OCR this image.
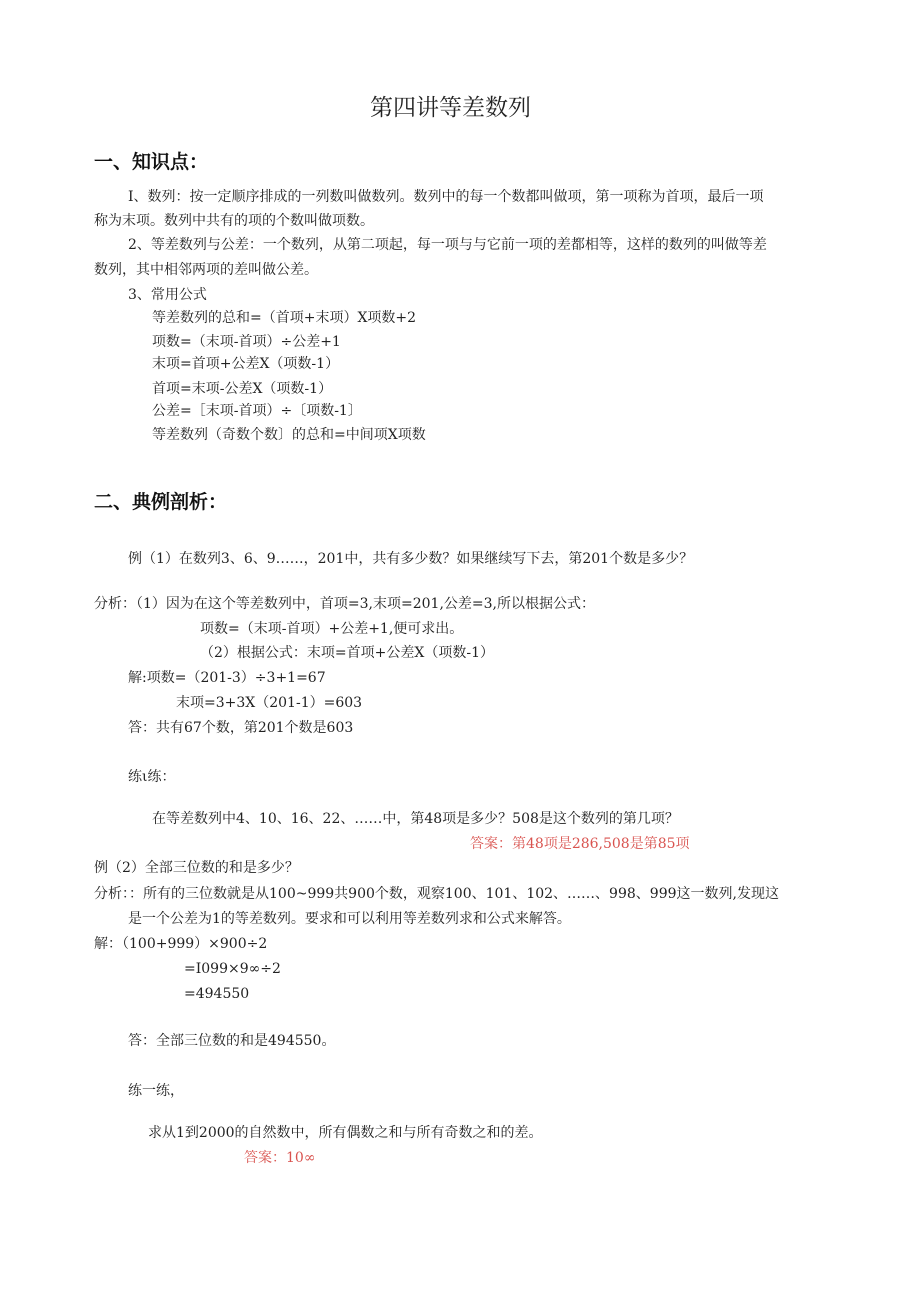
第四讲等差数列
一、知识点：
I、数列：按一定顺序排成的一列数叫做数列。数列中的每一个数都叫做项，第一项称为首项，最后一项
称为末项。数列中共有的项的个数叫做项数。
2、等差数列与公差：一个数列，从第二项起，每一项与与它前一项的差都相等，这样的数列的叫做等差
数列，其中相邻两项的差叫做公差。
3、常用公式
等差数列的总和=（首项+末项）X项数+2
项数=（末项-首项）÷公差+1
末项=首项+公差X（项数-1）
首项=末项-公差X（项数-1）
公差=［末项-首项）÷〔项数-1〕
等差数列（奇数个数〕的总和=中间项X项数
二、典例剖析：
例（1）在数列3、6、9……，201中，共有多少数？如果继续写下去，第201个数是多少？
分析：（1）因为在这个等差数列中，首项=3,末项=201,公差=3,所以根据公式：
项数=（末项-首项）+公差+1,便可求出。
（2）根据公式：末项=首项+公差X（项数-1）
解:项数=（201-3）÷3+1=67
末项=3+3X（201-1）=603
答：共有67个数，第201个数是603
练ι练：
在等差数列中4、10、16、22、……中，第48项是多少？508是这个数列的第几项？
答案：第48项是286,508是第85项
例（2）全部三位数的和是多少？
分析：：所有的三位数就是从100~999共900个数，观察100、101、102、……、998、999这一数列,发现这
是一个公差为1的等差数列。要求和可以利用等差数列求和公式来解答。
解：（100+999）×900÷2
=I099×9∞÷2
=494550
答：全部三位数的和是494550。
练一练，
求从1到2000的自然数中，所有偶数之和与所有奇数之和的差。
答案：10∞
